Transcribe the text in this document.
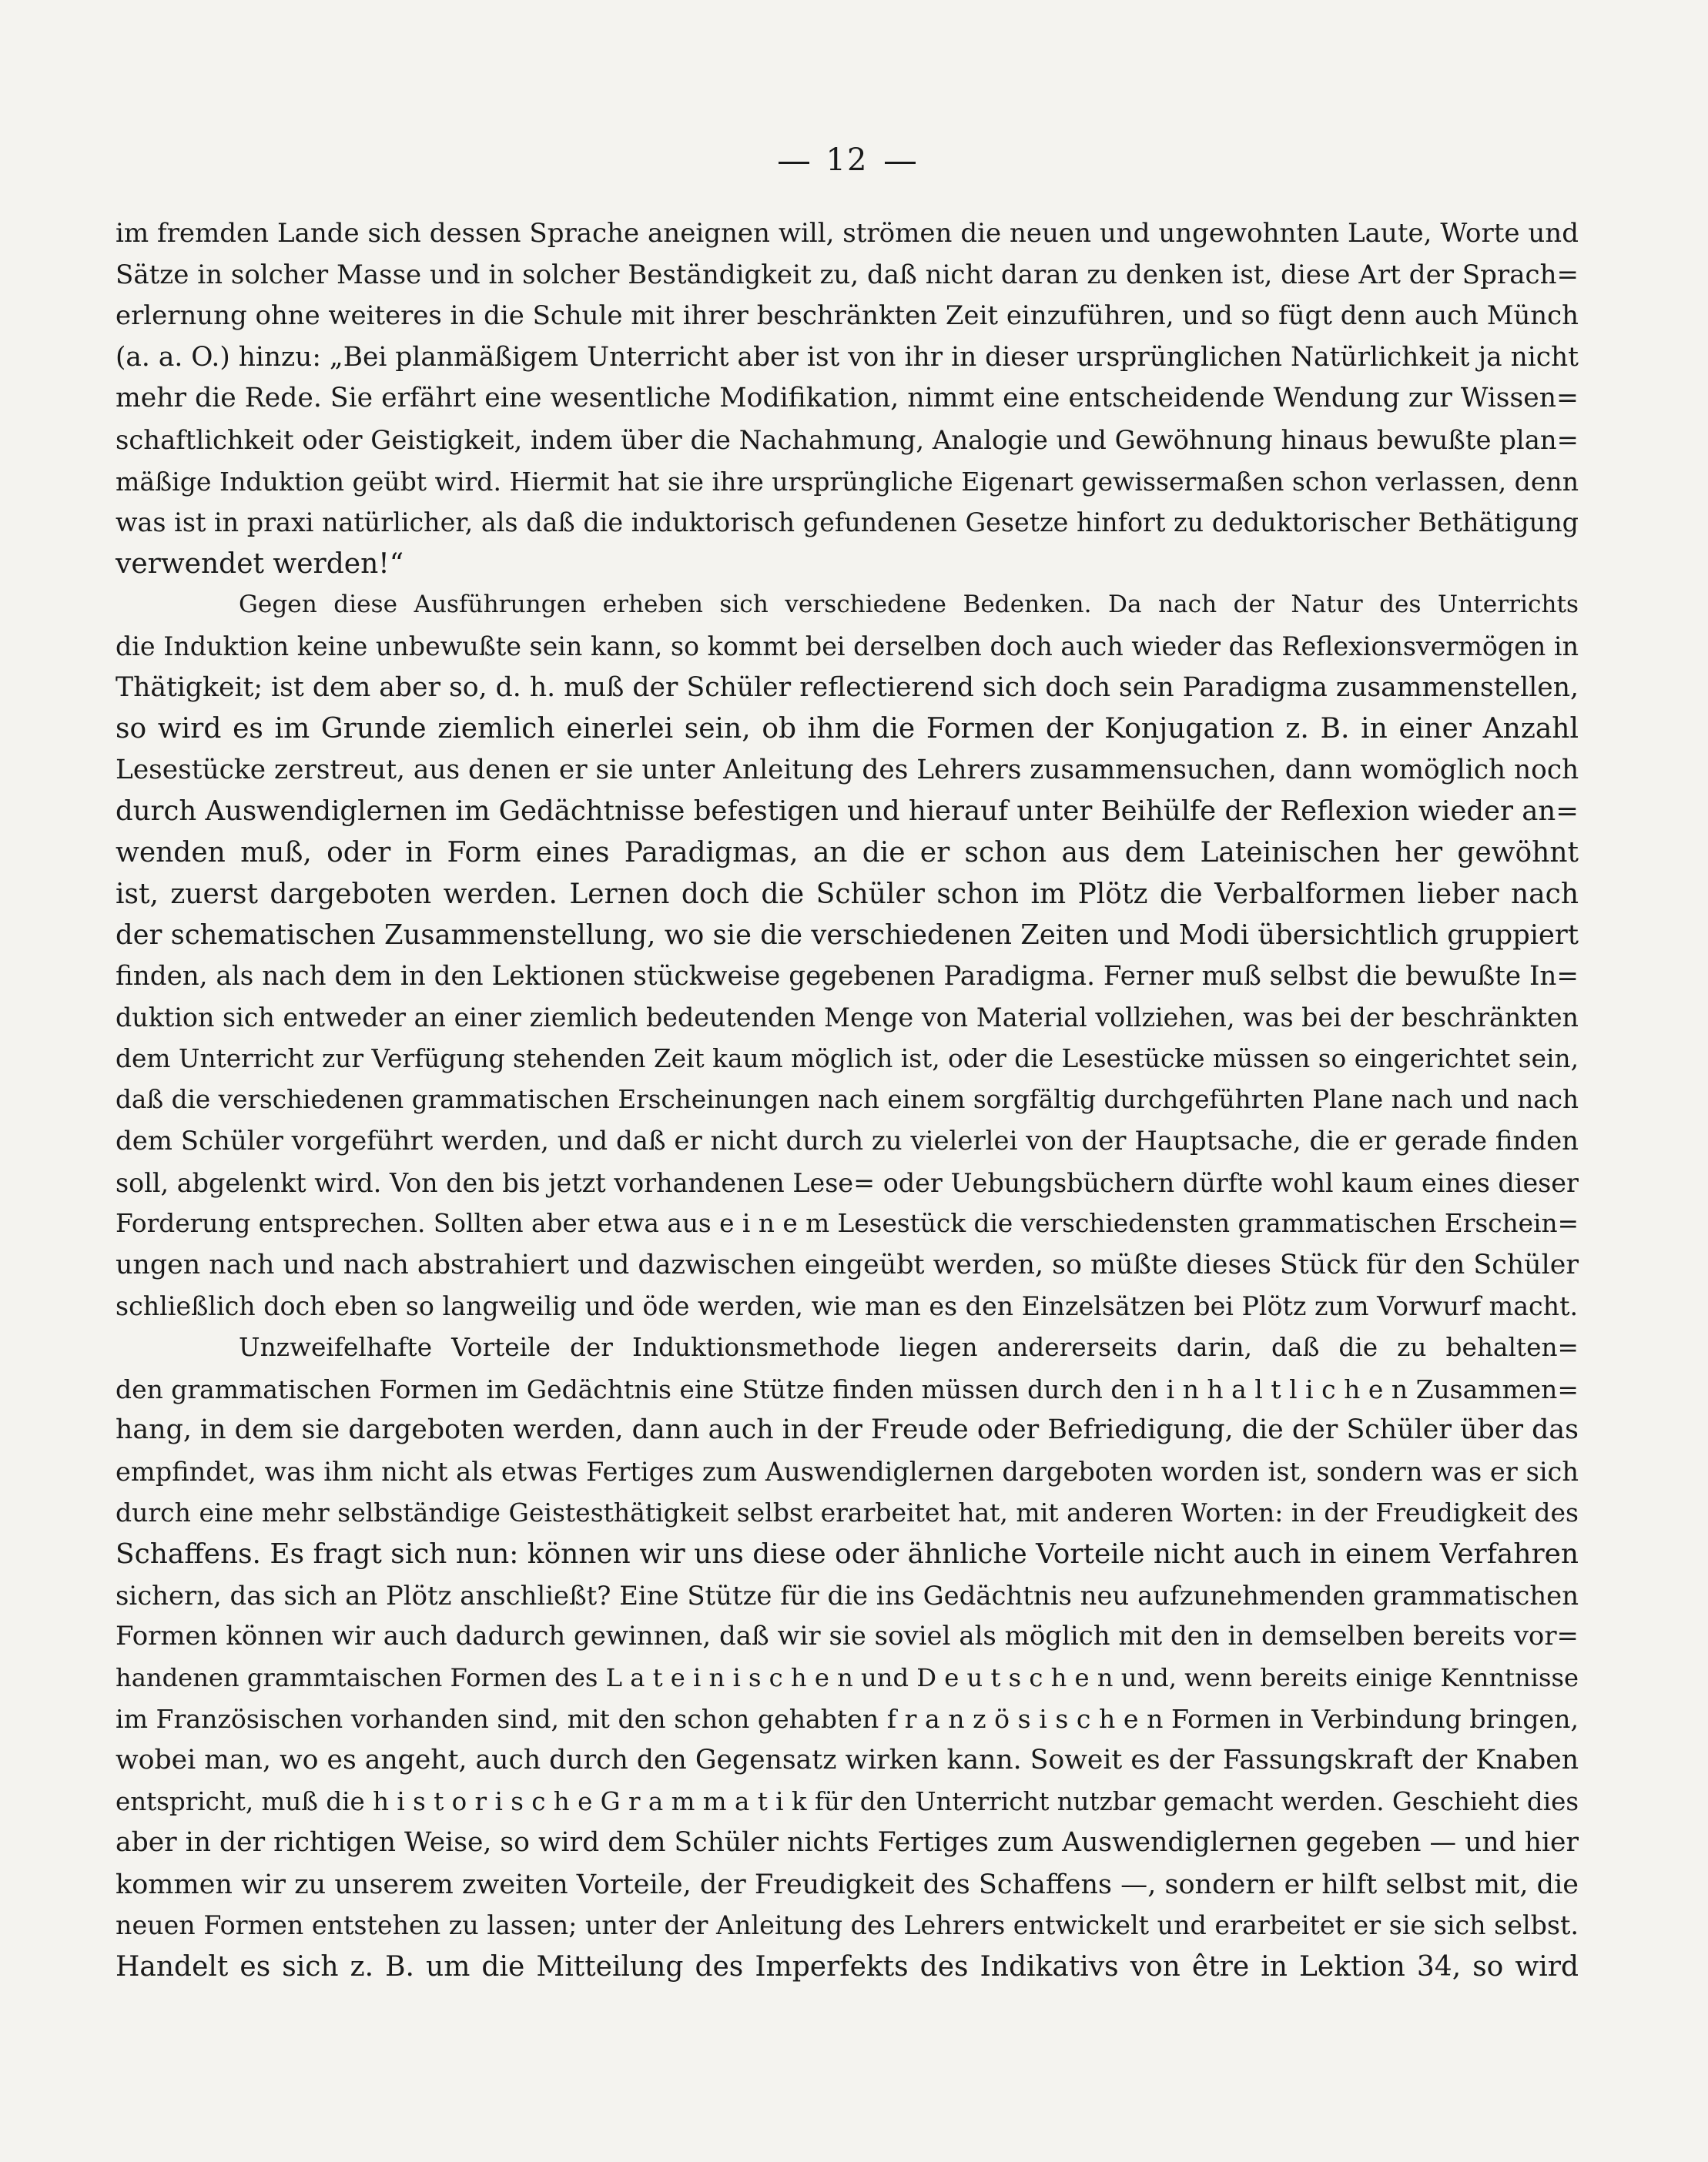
12
im fremden Lande sich dessen Sprache aneignen will, strömen die neuen und ungewohnten Laute, Worte und
Sätze in solcher Masse und in solcher Beständigkeit zu, daß nicht daran zu denken ist, diese Art der Sprach=
erlernung ohne weiteres in die Schule mit ihrer beschränkten Zeit einzuführen, und so fügt denn auch Münch
(a. a. O.) hinzu: „Bei planmäßigem Unterricht aber ist von ihr in dieser ursprünglichen Natürlichkeit ja nicht
mehr die Rede. Sie erfährt eine wesentliche Modifikation, nimmt eine entscheidende Wendung zur Wissen=
schaftlichkeit oder Geistigkeit, indem über die Nachahmung, Analogie und Gewöhnung hinaus bewußte plan=
mäßige Induktion geübt wird. Hiermit hat sie ihre ursprüngliche Eigenart gewissermaßen schon verlassen, denn
was ist in praxi natürlicher, als daß die induktorisch gefundenen Gesetze hinfort zu deduktorischer Bethätigung
verwendet werden!“
Gegen diese Ausführungen erheben sich verschiedene Bedenken. Da nach der Natur des Unterrichts
die Induktion keine unbewußte sein kann, so kommt bei derselben doch auch wieder das Reflexionsvermögen in
Thätigkeit; ist dem aber so, d. h. muß der Schüler reflectierend sich doch sein Paradigma zusammenstellen,
so wird es im Grunde ziemlich einerlei sein, ob ihm die Formen der Konjugation z. B. in einer Anzahl
Lesestücke zerstreut, aus denen er sie unter Anleitung des Lehrers zusammensuchen, dann womöglich noch
durch Auswendiglernen im Gedächtnisse befestigen und hierauf unter Beihülfe der Reflexion wieder an=
wenden muß, oder in Form eines Paradigmas, an die er schon aus dem Lateinischen her gewöhnt
ist, zuerst dargeboten werden. Lernen doch die Schüler schon im Plötz die Verbalformen lieber nach
der schematischen Zusammenstellung, wo sie die verschiedenen Zeiten und Modi übersichtlich gruppiert
finden, als nach dem in den Lektionen stückweise gegebenen Paradigma. Ferner muß selbst die bewußte In=
duktion sich entweder an einer ziemlich bedeutenden Menge von Material vollziehen, was bei der beschränkten
dem Unterricht zur Verfügung stehenden Zeit kaum möglich ist, oder die Lesestücke müssen so eingerichtet sein,
daß die verschiedenen grammatischen Erscheinungen nach einem sorgfältig durchgeführten Plane nach und nach
dem Schüler vorgeführt werden, und daß er nicht durch zu vielerlei von der Hauptsache, die er gerade finden
soll, abgelenkt wird. Von den bis jetzt vorhandenen Lese= oder Uebungsbüchern dürfte wohl kaum eines dieser
Forderung entsprechen. Sollten aber etwa aus e i n e m Lesestück die verschiedensten grammatischen Erschein=
ungen nach und nach abstrahiert und dazwischen eingeübt werden, so müßte dieses Stück für den Schüler
schließlich doch eben so langweilig und öde werden, wie man es den Einzelsätzen bei Plötz zum Vorwurf macht.
Unzweifelhafte Vorteile der Induktionsmethode liegen andererseits darin, daß die zu behalten=
den grammatischen Formen im Gedächtnis eine Stütze finden müssen durch den i n h a l t l i c h e n Zusammen=
hang, in dem sie dargeboten werden, dann auch in der Freude oder Befriedigung, die der Schüler über das
empfindet, was ihm nicht als etwas Fertiges zum Auswendiglernen dargeboten worden ist, sondern was er sich
durch eine mehr selbständige Geistesthätigkeit selbst erarbeitet hat, mit anderen Worten: in der Freudigkeit des
Schaffens. Es fragt sich nun: können wir uns diese oder ähnliche Vorteile nicht auch in einem Verfahren
sichern, das sich an Plötz anschließt? Eine Stütze für die ins Gedächtnis neu aufzunehmenden grammatischen
Formen können wir auch dadurch gewinnen, daß wir sie soviel als möglich mit den in demselben bereits vor=
handenen grammtaischen Formen des L a t e i n i s c h e n und D e u t s c h e n und, wenn bereits einige Kenntnisse
im Französischen vorhanden sind, mit den schon gehabten f r a n z ö s i s c h e n Formen in Verbindung bringen,
wobei man, wo es angeht, auch durch den Gegensatz wirken kann. Soweit es der Fassungskraft der Knaben
entspricht, muß die h i s t o r i s c h e G r a m m a t i k für den Unterricht nutzbar gemacht werden. Geschieht dies
aber in der richtigen Weise, so wird dem Schüler nichts Fertiges zum Auswendiglernen gegeben — und hier
kommen wir zu unserem zweiten Vorteile, der Freudigkeit des Schaffens —, sondern er hilft selbst mit, die
neuen Formen entstehen zu lassen; unter der Anleitung des Lehrers entwickelt und erarbeitet er sie sich selbst.
Handelt es sich z. B. um die Mitteilung des Imperfekts des Indikativs von être in Lektion 34, so wird
